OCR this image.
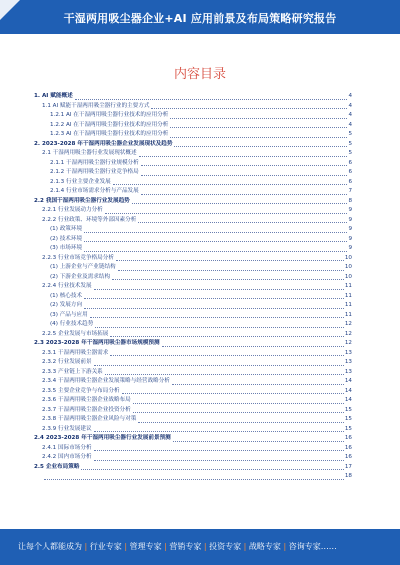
干湿两用吸尘器企业+AI 应用前景及布局策略研究报告
内容目录
1. AI 赋能概述	4
1.1 AI 赋能干湿两用吸尘器行业的主要方式	4
1.2.1 AI 在干湿两用吸尘器行业技术的应用分析	4
1.2.2 AI 在干湿两用吸尘器行业技术的应用分析	4
1.2.3 AI 在干湿两用吸尘器行业技术的应用分析	5
2. 2023-2028 年干湿两用吸尘器企业发展现状及趋势	5
2.1 干湿两用吸尘器行业发展现状概述	5
2.1.1 干湿两用吸尘器行业规模分析	6
2.1.2 干湿两用吸尘器行业竞争格局	6
2.1.3 行业主要企业发展	6
2.1.4 行业市场需求分析与产品发展	7
2.2 我国干湿两用吸尘器行业发展趋势	8
2.2.1 行业发展动力分析	9
2.2.2 行业政策、环境等外部因素分析	9
(1) 政策环境	9
(2) 技术环境	9
(3) 市场环境	9
2.2.3 行业市场竞争格局分析	10
(1) 上游企业与产业链结构	10
(2) 下游企业及需求结构	10
2.2.4 行业技术发展	11
(1) 核心技术	11
(2) 发展方向	11
(3) 产品与应用	11
(4) 行业技术趋势	12
2.2.5 企业发展与市场拓展	12
2.3 2023-2028 年干湿两用吸尘器市场规模预测	12
2.3.1 干湿两用吸尘器需求	13
2.3.2 行业发展前景	13
2.3.3 产业链上下游关系	13
2.3.4 干湿两用吸尘器企业发展策略与经营战略分析	14
2.3.5 主要企业竞争与布局分析	14
2.3.6 干湿两用吸尘器企业战略布局	14
2.3.7 干湿两用吸尘器企业投资分析	15
2.3.8 干湿两用吸尘器企业风险与对策	15
2.3.9 行业发展建议	15
2.4 2023-2028 年干湿两用吸尘器行业发展前景预测	16
2.4.1 国际市场分析	16
2.4.2 国内市场分析	16
2.5 企业布局策略	17
18
让每个人都能成为 | 行业专家 | 管理专家 | 营销专家 | 投资专家 | 战略专家 | 咨询专家……
